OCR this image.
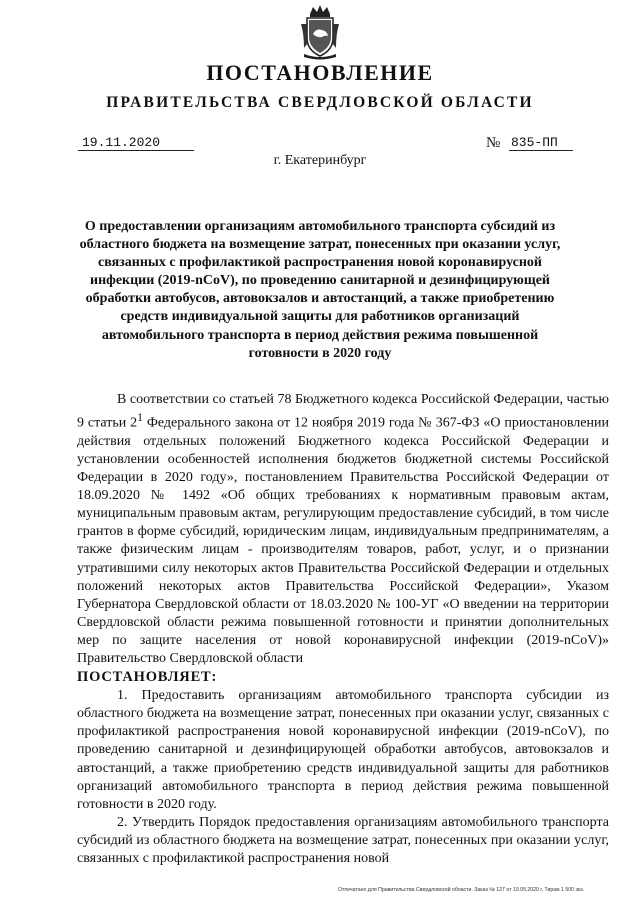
ПОСТАНОВЛЕНИЕ
ПРАВИТЕЛЬСТВА СВЕРДЛОВСКОЙ ОБЛАСТИ
19.11.2020	№ 835-ПП
г. Екатеринбург
О предоставлении организациям автомобильного транспорта субсидий из областного бюджета на возмещение затрат, понесенных при оказании услуг, связанных с профилактикой распространения новой коронавирусной инфекции (2019-nCoV), по проведению санитарной и дезинфицирующей обработки автобусов, автовокзалов и автостанций, а также приобретению средств индивидуальной защиты для работников организаций автомобильного транспорта в период действия режима повышенной готовности в 2020 году

В соответствии со статьей 78 Бюджетного кодекса Российской Федерации, частью 9 статьи $2^1$ Федерального закона от 12 ноября 2019 года № 367-ФЗ «О приостановлении действия отдельных положений Бюджетного кодекса Российской Федерации и установлении особенностей исполнения бюджетов бюджетной системы Российской Федерации в 2020 году», постановлением Правительства Российской Федерации от 18.09.2020 № 1492 «Об общих требованиях к нормативным правовым актам, муниципальным правовым актам, регулирующим предоставление субсидий, в том числе грантов в форме субсидий, юридическим лицам, индивидуальным предпринимателям, а также физическим лицам - производителям товаров, работ, услуг, и о признании утратившими силу некоторых актов Правительства Российской Федерации и отдельных положений некоторых актов Правительства Российской Федерации», Указом Губернатора Свердловской области от 18.03.2020 № 100-УГ «О введении на территории Свердловской области режима повышенной готовности и принятии дополнительных мер по защите населения от новой коронавирусной инфекции (2019-nCoV)» Правительство Свердловской области

ПОСТАНОВЛЯЕТ:

1. Предоставить организациям автомобильного транспорта субсидии из областного бюджета на возмещение затрат, понесенных при оказании услуг, связанных с профилактикой распространения новой коронавирусной инфекции (2019-nCoV), по проведению санитарной и дезинфицирующей обработки автобусов, автовокзалов и автостанций, а также приобретению средств индивидуальной защиты для работников организаций автомобильного транспорта в период действия режима повышенной готовности в 2020 году.

2. Утвердить Порядок предоставления организациям автомобильного транспорта субсидий из областного бюджета на возмещение затрат, понесенных при оказании услуг, связанных с профилактикой распространения новой

Отпечатано для Правительства Свердловской области. Заказ № 127 от 19.05.2020 г. Тираж 1 500 экз.
